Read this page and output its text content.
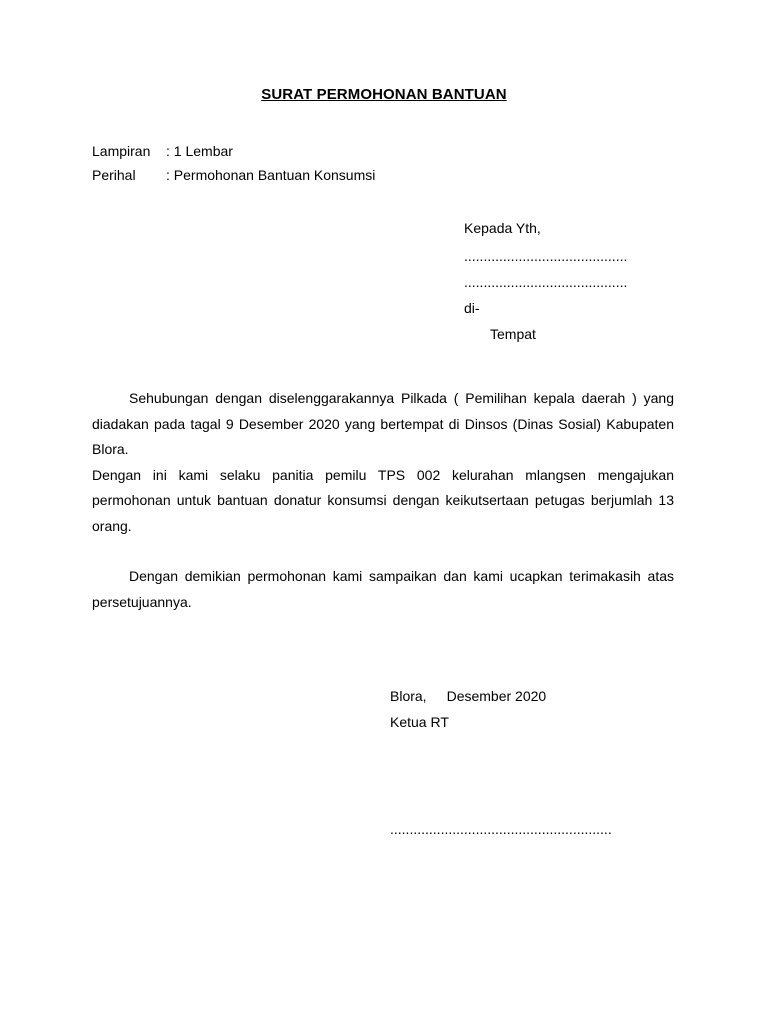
SURAT PERMOHONAN BANTUAN
Lampiran : 1 Lembar
Perihal : Permohonan Bantuan Konsumsi
Kepada Yth,
..........................................
..........................................
di-
Tempat

Sehubungan dengan diselenggarakannya Pilkada ( Pemilihan kepala daerah ) yang diadakan pada tagal 9 Desember 2020 yang bertempat di Dinsos (Dinas Sosial) Kabupaten Blora.

Dengan ini kami selaku panitia pemilu TPS 002 kelurahan mlangsen mengajukan permohonan untuk bantuan donatur konsumsi dengan keikutsertaan petugas berjumlah 13 orang.

Dengan demikian permohonan kami sampaikan dan kami ucapkan terimakasih atas persetujuannya.

Blora, Desember 2020
Ketua RT
.........................................................
